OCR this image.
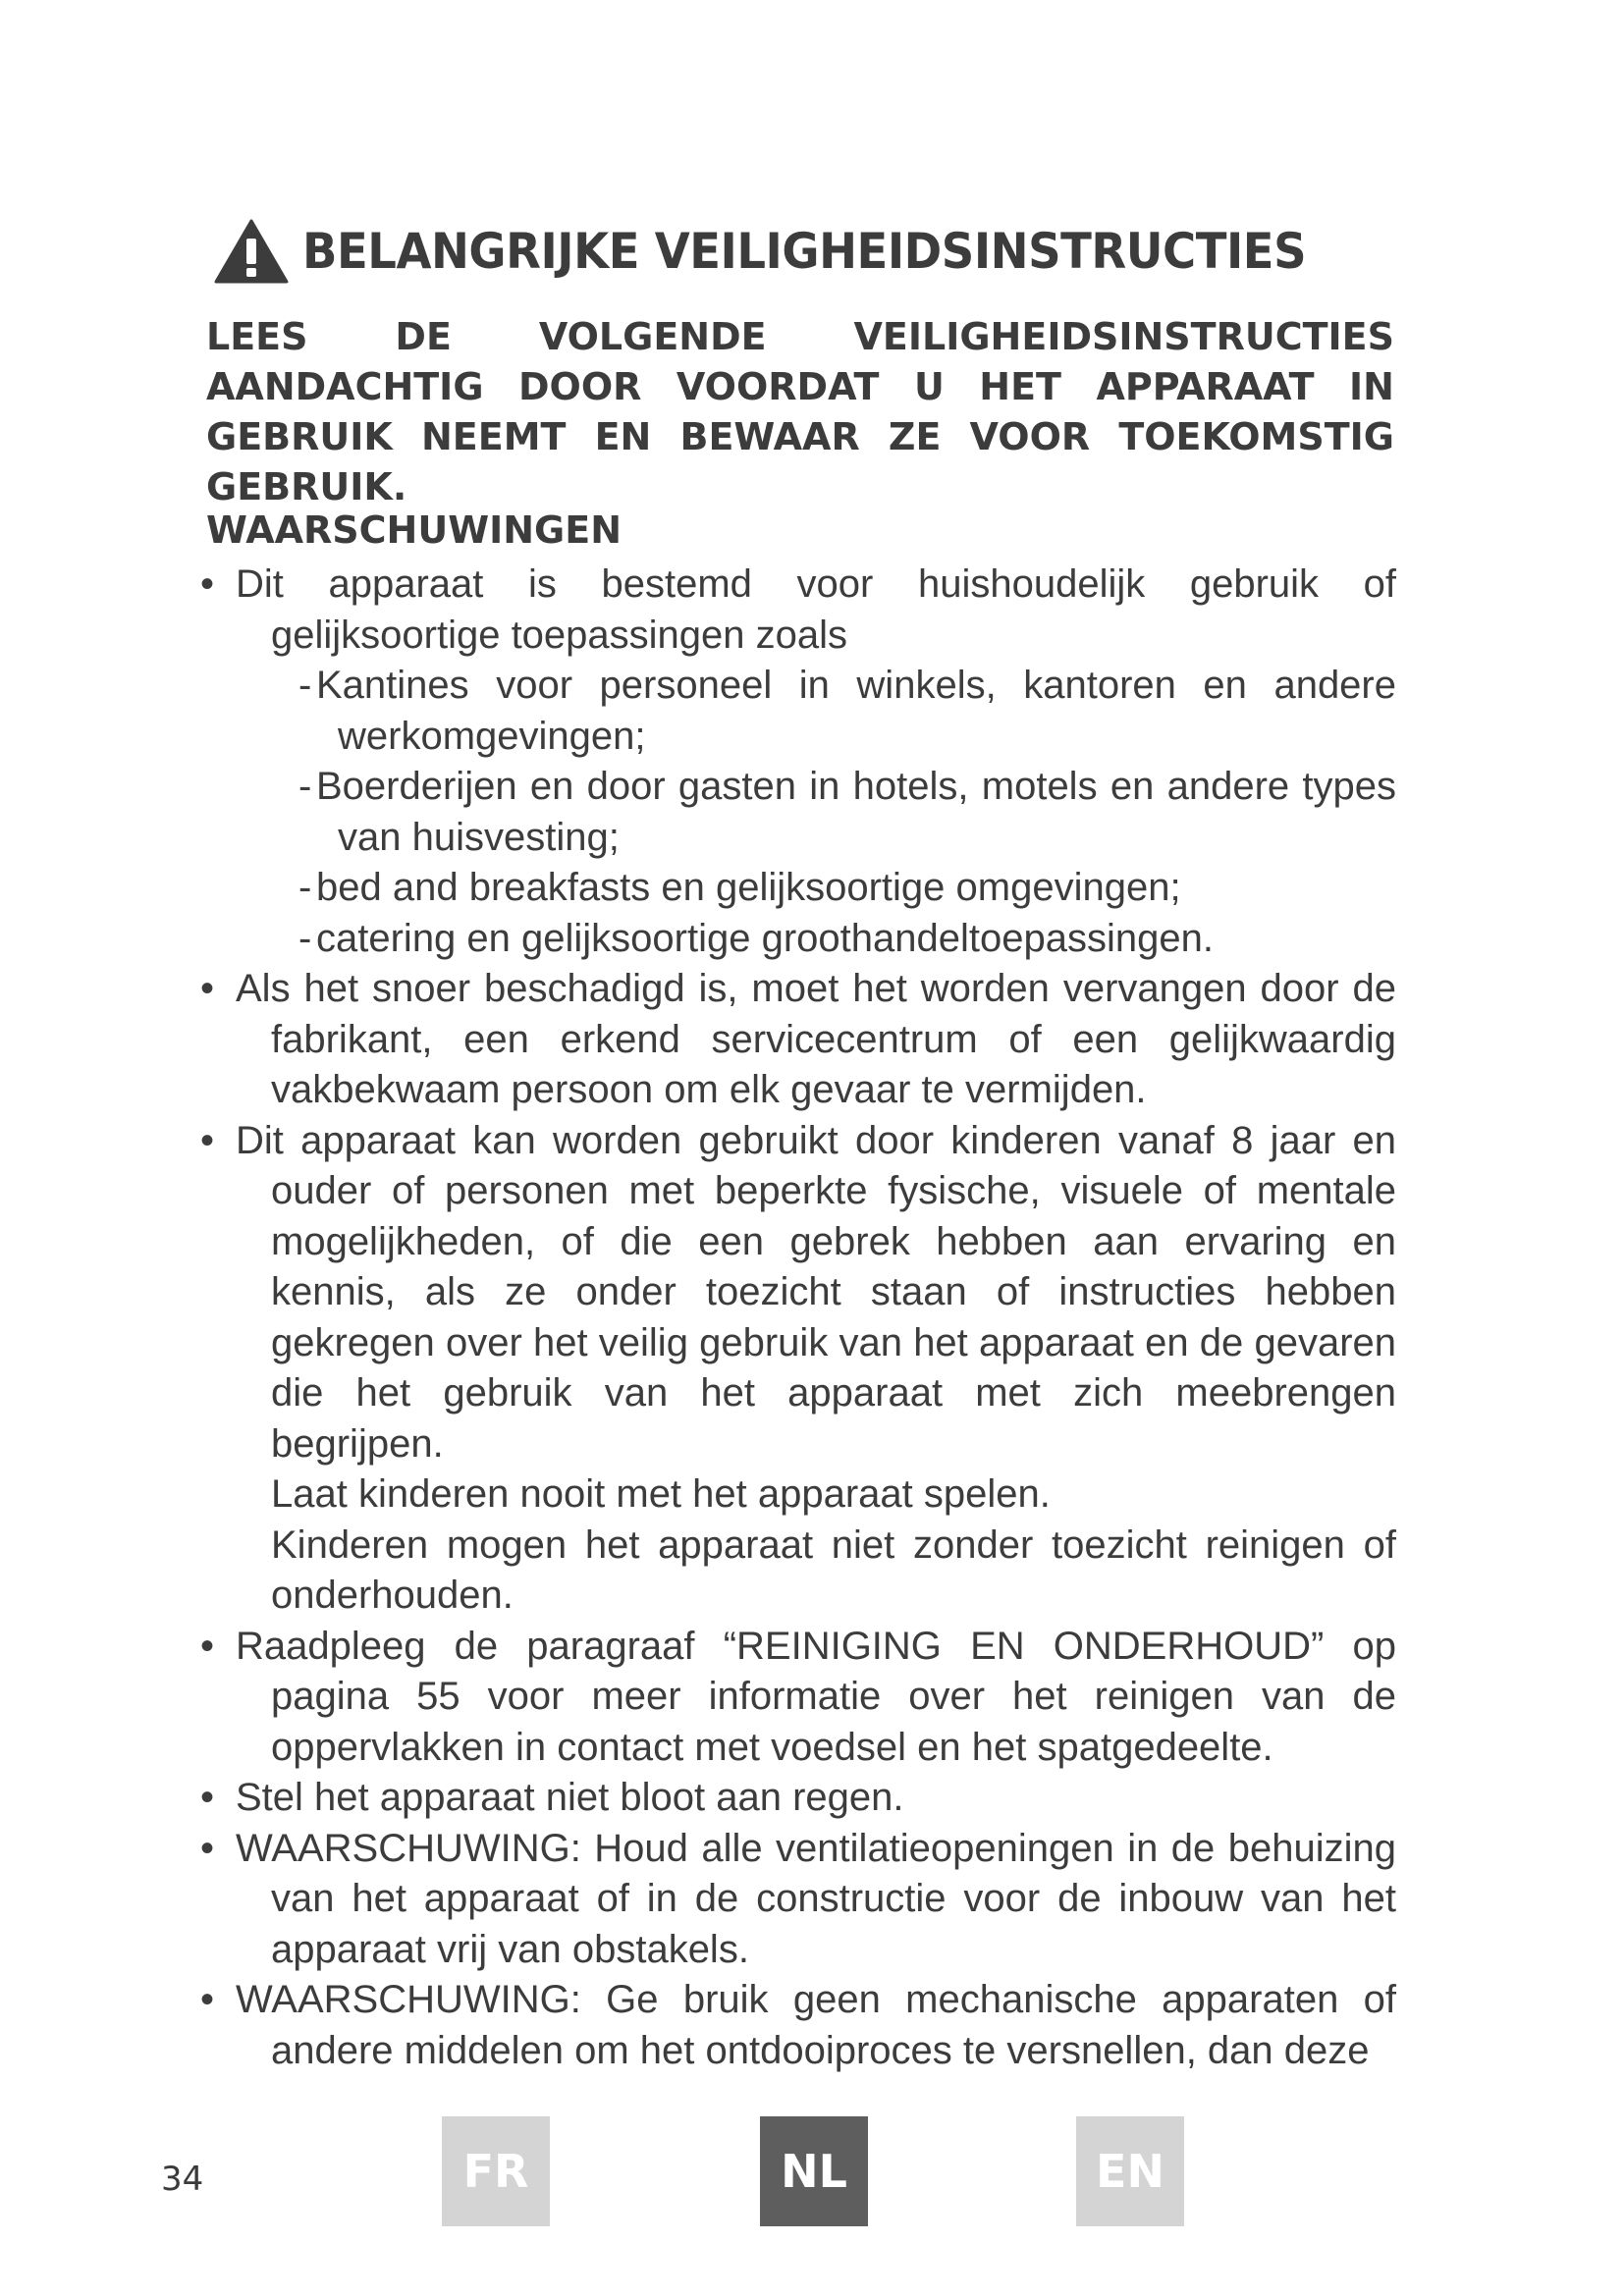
BELANGRIJKE VEILIGHEIDSINSTRUCTIES
LEES DE VOLGENDE VEILIGHEIDSINSTRUCTIES AANDACHTIG DOOR VOORDAT U HET APPARAAT IN GEBRUIK NEEMT EN BEWAAR ZE VOOR TOEKOMSTIG GEBRUIK.
WAARSCHUWINGEN
• Dit apparaat is bestemd voor huishoudelijk gebruik of gelijksoortige toepassingen zoals
- Kantines voor personeel in winkels, kantoren en andere werkomgevingen;
- Boerderijen en door gasten in hotels, motels en andere types van huisvesting;
- bed and breakfasts en gelijksoortige omgevingen;
- catering en gelijksoortige groothandeltoepassingen.
• Als het snoer beschadigd is, moet het worden vervangen door de fabrikant, een erkend servicecentrum of een gelijkwaardig vakbekwaam persoon om elk gevaar te vermijden.
• Dit apparaat kan worden gebruikt door kinderen vanaf 8 jaar en ouder of personen met beperkte fysische, visuele of mentale mogelijkheden, of die een gebrek hebben aan ervaring en kennis, als ze onder toezicht staan of instructies hebben gekregen over het veilig gebruik van het apparaat en de gevaren die het gebruik van het apparaat met zich meebrengen begrijpen.
Laat kinderen nooit met het apparaat spelen.
Kinderen mogen het apparaat niet zonder toezicht reinigen of onderhouden.
• Raadpleeg de paragraaf “REINIGING EN ONDERHOUD” op pagina 55 voor meer informatie over het reinigen van de oppervlakken in contact met voedsel en het spatgedeelte.
• Stel het apparaat niet bloot aan regen.
• WAARSCHUWING: Houd alle ventilatieopeningen in de behuizing van het apparaat of in de constructie voor de inbouw van het apparaat vrij van obstakels.
• WAARSCHUWING: Ge bruik geen mechanische apparaten of andere middelen om het ontdooiproces te versnellen, dan deze
34	FR	NL	EN
